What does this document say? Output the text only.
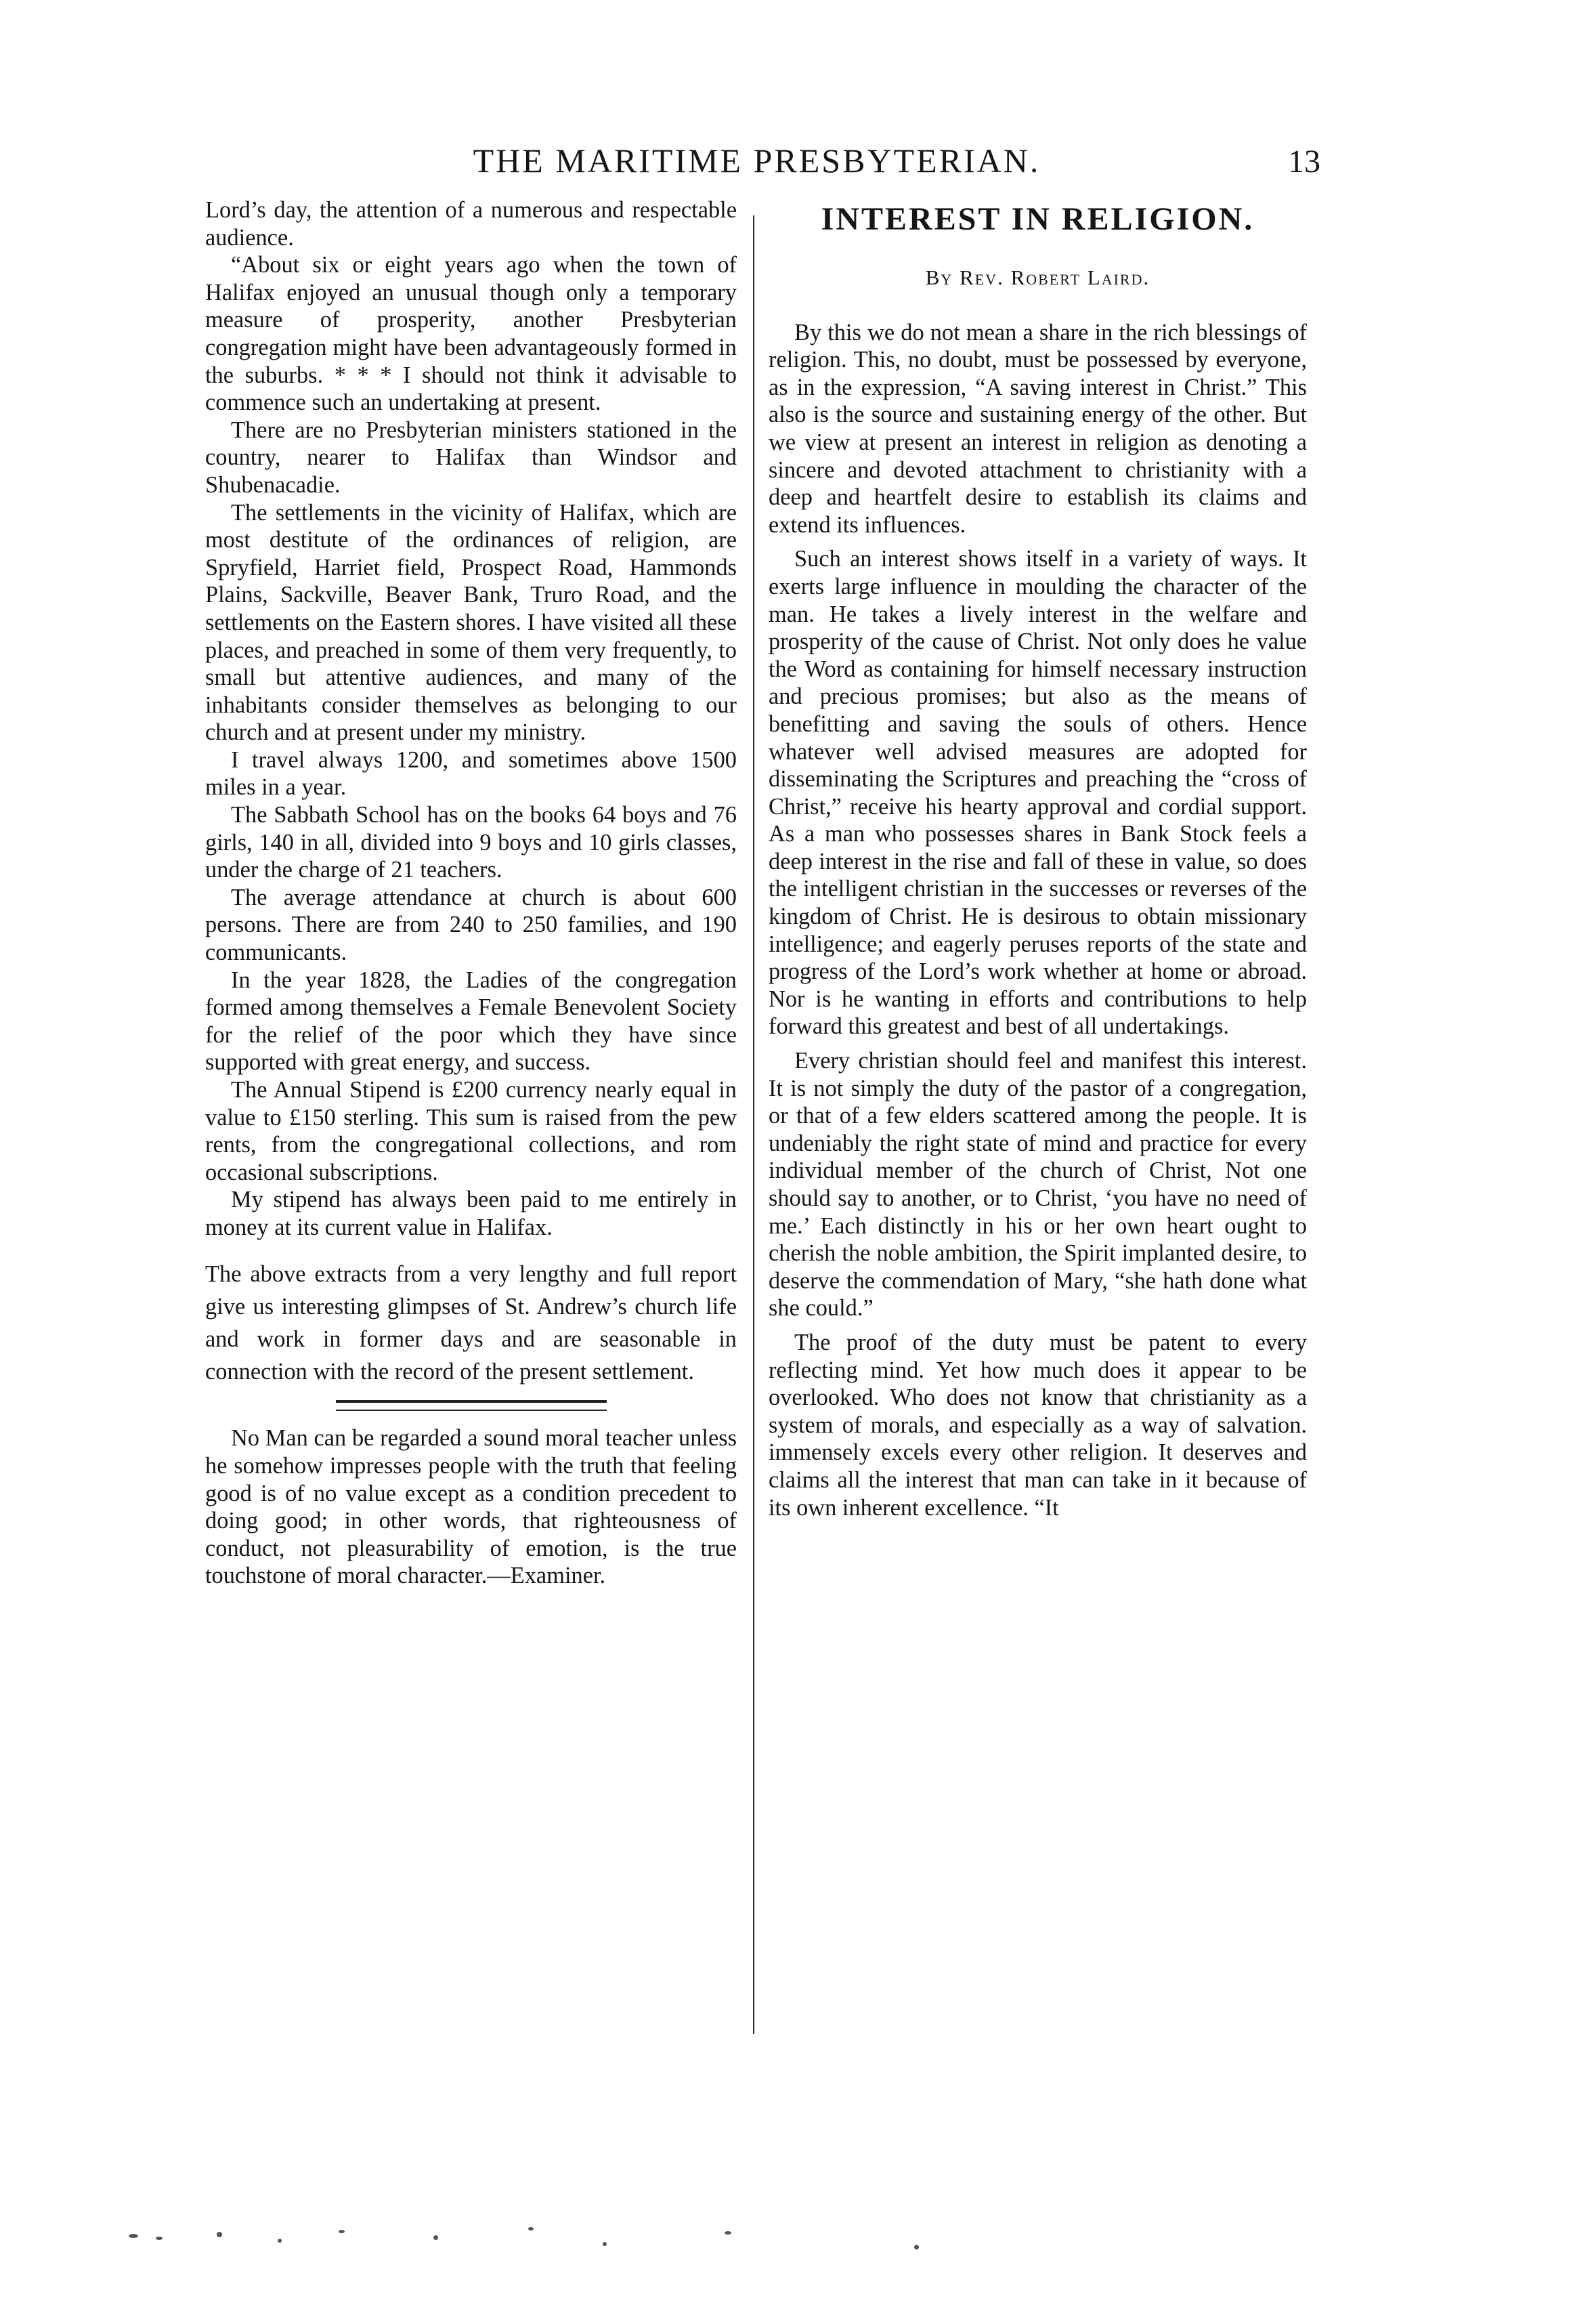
THE MARITIME PRESBYTERIAN.	13

Lord’s day, the attention of a numerous and respectable audience.

“About six or eight years ago when the town of Halifax enjoyed an unusual though only a temporary measure of prosperity, another Presbyterian congregation might have been advantageously formed in the suburbs. * * * I should not think it advisable to commence such an undertaking at present.

There are no Presbyterian ministers stationed in the country, nearer to Halifax than Windsor and Shubenacadie.

The settlements in the vicinity of Halifax, which are most destitute of the ordinances of religion, are Spryfield, Harriet field, Prospect Road, Hammonds Plains, Sackville, Beaver Bank, Truro Road, and the settlements on the Eastern shores. I have visited all these places, and preached in some of them very frequently, to small but attentive audiences, and many of the inhabitants consider themselves as belonging to our church and at present under my ministry.

I travel always 1200, and sometimes above 1500 miles in a year.

The Sabbath School has on the books 64 boys and 76 girls, 140 in all, divided into 9 boys and 10 girls classes, under the charge of 21 teachers.

The average attendance at church is about 600 persons. There are from 240 to 250 families, and 190 communicants.

In the year 1828, the Ladies of the congregation formed among themselves a Female Benevolent Society for the relief of the poor which they have since supported with great energy, and success.

The Annual Stipend is £200 currency nearly equal in value to £150 sterling. This sum is raised from the pew rents, from the congregational collections, and rom occasional subscriptions.

My stipend has always been paid to me entirely in money at its current value in Halifax.

The above extracts from a very lengthy and full report give us interesting glimpses of St. Andrew’s church life and work in former days and are seasonable in connection with the record of the present settlement.

No Man can be regarded a sound moral teacher unless he somehow impresses people with the truth that feeling good is of no value except as a condition precedent to doing good; in other words, that righteousness of conduct, not pleasurability of emotion, is the true touchstone of moral character.—Examiner.

INTEREST IN RELIGION.
By Rev. Robert Laird.

By this we do not mean a share in the rich blessings of religion. This, no doubt, must be possessed by everyone, as in the expression, “A saving interest in Christ.” This also is the source and sustaining energy of the other. But we view at present an interest in religion as denoting a sincere and devoted attachment to christianity with a deep and heartfelt desire to establish its claims and extend its influences.

Such an interest shows itself in a variety of ways. It exerts large influence in moulding the character of the man. He takes a lively interest in the welfare and prosperity of the cause of Christ. Not only does he value the Word as containing for himself necessary instruction and precious promises; but also as the means of benefitting and saving the souls of others. Hence whatever well advised measures are adopted for disseminating the Scriptures and preaching the “cross of Christ,” receive his hearty approval and cordial support. As a man who possesses shares in Bank Stock feels a deep interest in the rise and fall of these in value, so does the intelligent christian in the successes or reverses of the kingdom of Christ. He is desirous to obtain missionary intelligence; and eagerly peruses reports of the state and progress of the Lord’s work whether at home or abroad. Nor is he wanting in efforts and contributions to help forward this greatest and best of all undertakings.

Every christian should feel and manifest this interest. It is not simply the duty of the pastor of a congregation, or that of a few elders scattered among the people. It is undeniably the right state of mind and practice for every individual member of the church of Christ, Not one should say to another, or to Christ, ‘you have no need of me.’ Each distinctly in his or her own heart ought to cherish the noble ambition, the Spirit implanted desire, to deserve the commendation of Mary, “she hath done what she could.”

The proof of the duty must be patent to every reflecting mind. Yet how much does it appear to be overlooked. Who does not know that christianity as a system of morals, and especially as a way of salvation. immensely excels every other religion. It deserves and claims all the interest that man can take in it because of its own inherent excellence. “It
